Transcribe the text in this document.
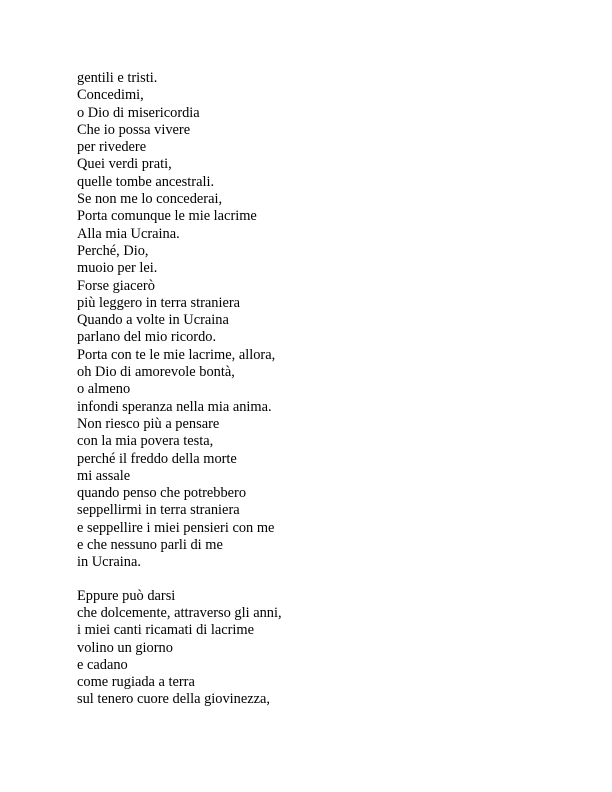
gentili e tristi.
Concedimi,
o Dio di misericordia
Che io possa vivere
per rivedere
Quei verdi prati,
quelle tombe ancestrali.
Se non me lo concederai,
Porta comunque le mie lacrime
Alla mia Ucraina.
Perché, Dio,
muoio per lei.
Forse giacerò
più leggero in terra straniera
Quando a volte in Ucraina
parlano del mio ricordo.
Porta con te le mie lacrime, allora,
oh Dio di amorevole bontà,
o almeno
infondi speranza nella mia anima.
Non riesco più a pensare
con la mia povera testa,
perché il freddo della morte
mi assale
quando penso che potrebbero
seppellirmi in terra straniera
e seppellire i miei pensieri con me
e che nessuno parli di me
in Ucraina.

Eppure può darsi
che dolcemente, attraverso gli anni,
i miei canti ricamati di lacrime
volino un giorno
e cadano
come rugiada a terra
sul tenero cuore della giovinezza,
